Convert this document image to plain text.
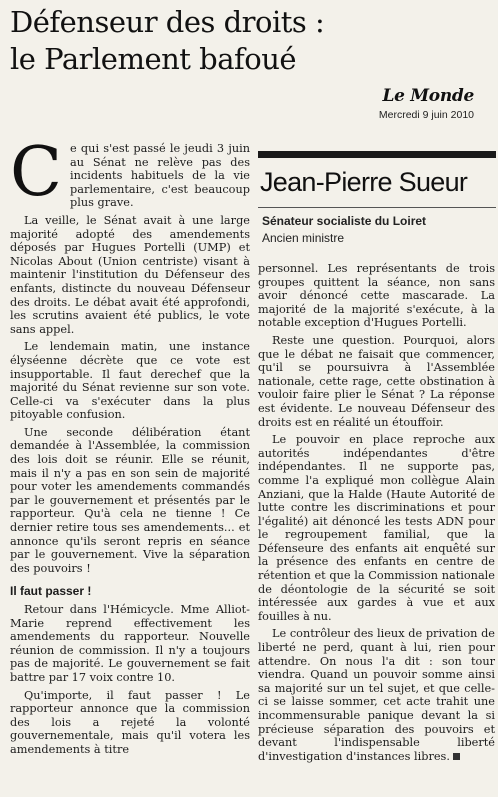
Défenseur des droits : le Parlement bafoué
Le Monde
Mercredi 9 juin 2010
Jean-Pierre Sueur
Sénateur socialiste du Loiret
Ancien ministre

Ce qui s'est passé le jeudi 3 juin au Sénat ne relève pas des incidents habituels de la vie parlementaire, c'est beaucoup plus grave.

La veille, le Sénat avait à une large majorité adopté des amendements déposés par Hugues Portelli (UMP) et Nicolas About (Union centriste) visant à maintenir l'institution du Défenseur des enfants, distincte du nouveau Défenseur des droits. Le débat avait été approfondi, les scrutins avaient été publics, le vote sans appel.

Le lendemain matin, une instance élyséenne décrète que ce vote est insupportable. Il faut derechef que la majorité du Sénat revienne sur son vote. Celle-ci va s'exécuter dans la plus pitoyable confusion.

Une seconde délibération étant demandée à l'Assemblée, la commission des lois doit se réunir. Elle se réunit, mais il n'y a pas en son sein de majorité pour voter les amendements commandés par le gouvernement et présentés par le rapporteur. Qu'à cela ne tienne ! Ce dernier retire tous ses amendements... et annonce qu'ils seront repris en séance par le gouvernement. Vive la séparation des pouvoirs !

Il faut passer !

Retour dans l'Hémicycle. Mme Alliot-Marie reprend effectivement les amendements du rapporteur. Nouvelle réunion de commission. Il n'y a toujours pas de majorité. Le gouvernement se fait battre par 17 voix contre 10.

Qu'importe, il faut passer ! Le rapporteur annonce que la commission des lois a rejeté la volonté gouvernementale, mais qu'il votera les amendements à titre

personnel. Les représentants de trois groupes quittent la séance, non sans avoir dénoncé cette mascarade. La majorité de la majorité s'exécute, à la notable exception d'Hugues Portelli.

Reste une question. Pourquoi, alors que le débat ne faisait que commencer, qu'il se poursuivra à l'Assemblée nationale, cette rage, cette obstination à vouloir faire plier le Sénat ? La réponse est évidente. Le nouveau Défenseur des droits est en réalité un étouffoir.

Le pouvoir en place reproche aux autorités indépendantes d'être indépendantes. Il ne supporte pas, comme l'a expliqué mon collègue Alain Anziani, que la Halde (Haute Autorité de lutte contre les discriminations et pour l'égalité) ait dénoncé les tests ADN pour le regroupement familial, que la Défenseure des enfants ait enquêté sur la présence des enfants en centre de rétention et que la Commission nationale de déontologie de la sécurité se soit intéressée aux gardes à vue et aux fouilles à nu.

Le contrôleur des lieux de privation de liberté ne perd, quant à lui, rien pour attendre. On nous l'a dit : son tour viendra. Quand un pouvoir somme ainsi sa majorité sur un tel sujet, et que celle-ci se laisse sommer, cet acte trahit une incommensurable panique devant la si précieuse séparation des pouvoirs et devant l'indispensable liberté d'investigation d'instances libres.
